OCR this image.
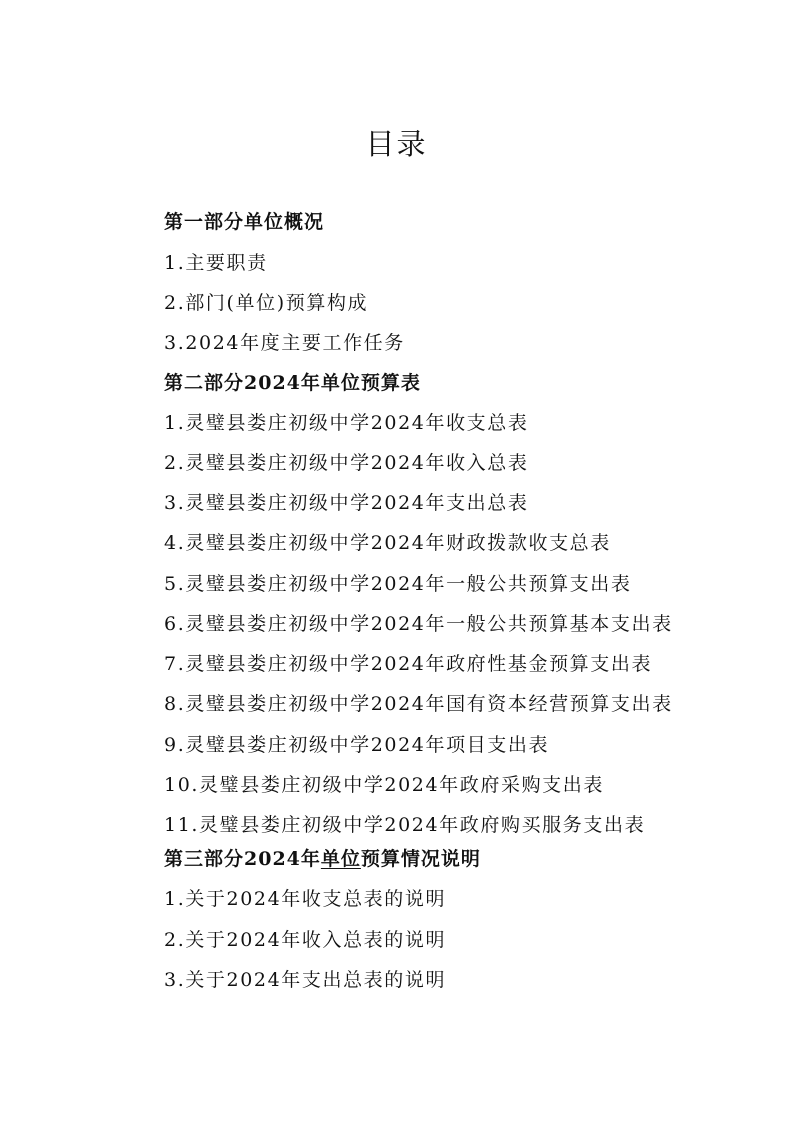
目录
第一部分单位概况
1.主要职责
2.部门(单位)预算构成
3.2024年度主要工作任务
第二部分2024年单位预算表
1.灵璧县娄庄初级中学2024年收支总表
2.灵璧县娄庄初级中学2024年收入总表
3.灵璧县娄庄初级中学2024年支出总表
4.灵璧县娄庄初级中学2024年财政拨款收支总表
5.灵璧县娄庄初级中学2024年一般公共预算支出表
6.灵璧县娄庄初级中学2024年一般公共预算基本支出表
7.灵璧县娄庄初级中学2024年政府性基金预算支出表
8.灵璧县娄庄初级中学2024年国有资本经营预算支出表
9.灵璧县娄庄初级中学2024年项目支出表
10.灵璧县娄庄初级中学2024年政府采购支出表
11.灵璧县娄庄初级中学2024年政府购买服务支出表
第三部分2024年单位预算情况说明
1.关于2024年收支总表的说明
2.关于2024年收入总表的说明
3.关于2024年支出总表的说明
